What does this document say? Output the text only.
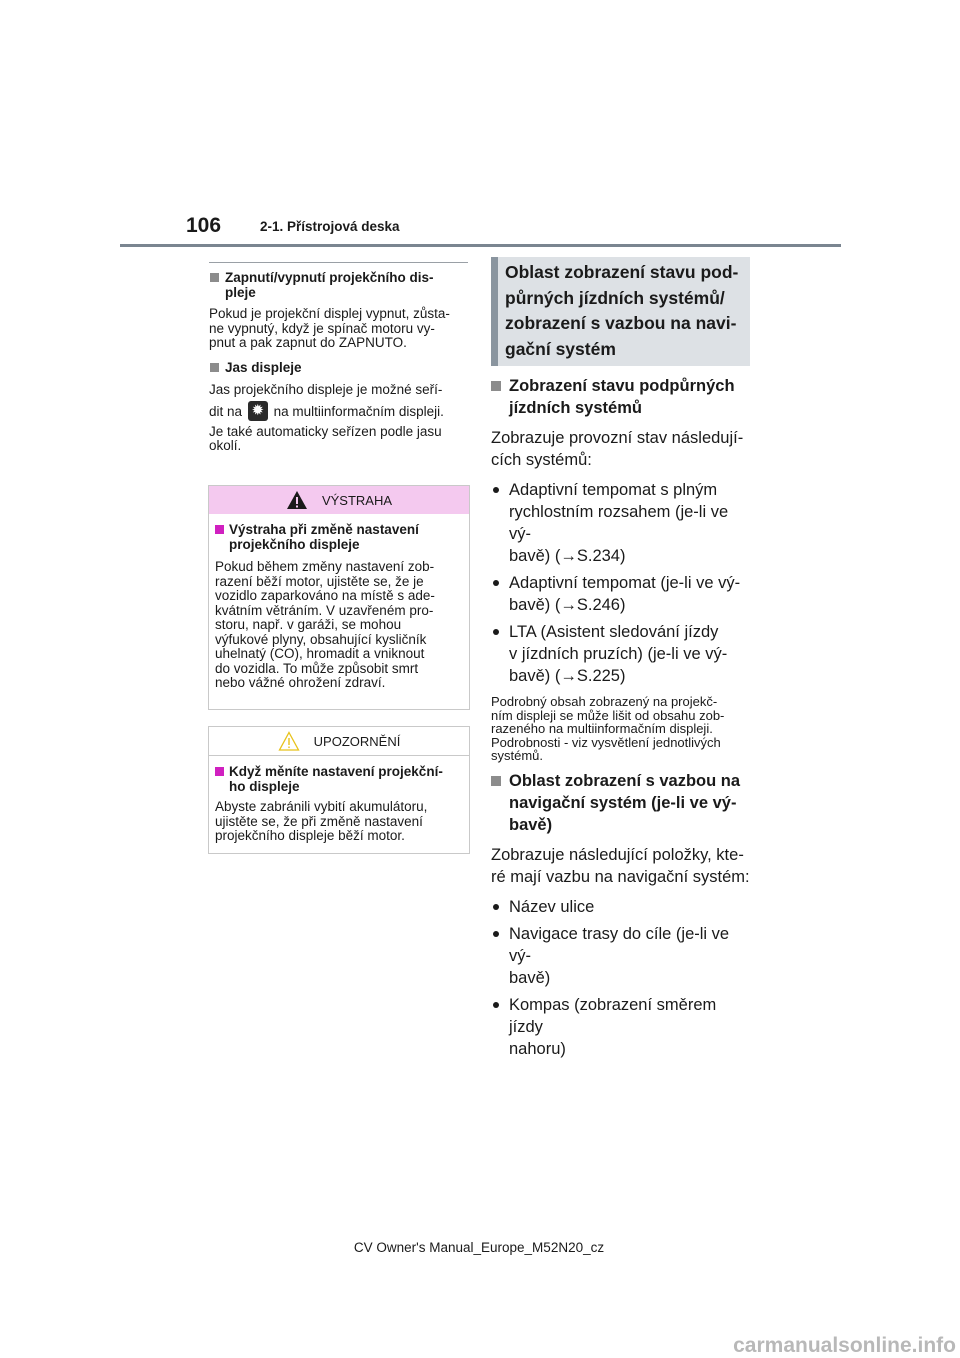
106	2-1. Přístrojová deska
Zapnutí/vypnutí projekčního dis-
pleje
Pokud je projekční displej vypnut, zůsta-
ne vypnutý, když je spínač motoru vy-
pnut a pak zapnut do ZAPNUTO.
Jas displeje
Jas projekčního displeje je možné seří-
dit na ✹ na multiinformačním displeji.
Je také automaticky seřízen podle jasu
okolí.
VÝSTRAHA
Výstraha při změně nastavení
projekčního displeje
Pokud během změny nastavení zob-
razení běží motor, ujistěte se, že je
vozidlo zaparkováno na místě s ade-
kvátním větráním. V uzavřeném pro-
storu, např. v garáži, se mohou
výfukové plyny, obsahující kysličník
uhelnatý (CO), hromadit a vniknout
do vozidla. To může způsobit smrt
nebo vážné ohrožení zdraví.
UPOZORNĚNÍ
Když měníte nastavení projekční-
ho displeje
Abyste zabránili vybití akumulátoru,
ujistěte se, že při změně nastavení
projekčního displeje běží motor.
Oblast zobrazení stavu pod-
půrných jízdních systémů/
zobrazení s vazbou na navi-
gační systém
Zobrazení stavu podpůrných
jízdních systémů
Zobrazuje provozní stav následují-
cích systémů:
Adaptivní tempomat s plným
rychlostním rozsahem (je-li ve vý-
bavě) (→S.234)
Adaptivní tempomat (je-li ve vý-
bavě) (→S.246)
LTA (Asistent sledování jízdy
v jízdních pruzích) (je-li ve vý-
bavě) (→S.225)
Podrobný obsah zobrazený na projekč-
ním displeji se může lišit od obsahu zob-
razeného na multiinformačním displeji.
Podrobnosti - viz vysvětlení jednotlivých
systémů.
Oblast zobrazení s vazbou na
navigační systém (je-li ve vý-
bavě)
Zobrazuje následující položky, kte-
ré mají vazbu na navigační systém:
Název ulice
Navigace trasy do cíle (je-li ve vý-
bavě)
Kompas (zobrazení směrem jízdy
nahoru)
CV Owner's Manual_Europe_M52N20_cz
carmanualsonline.info
